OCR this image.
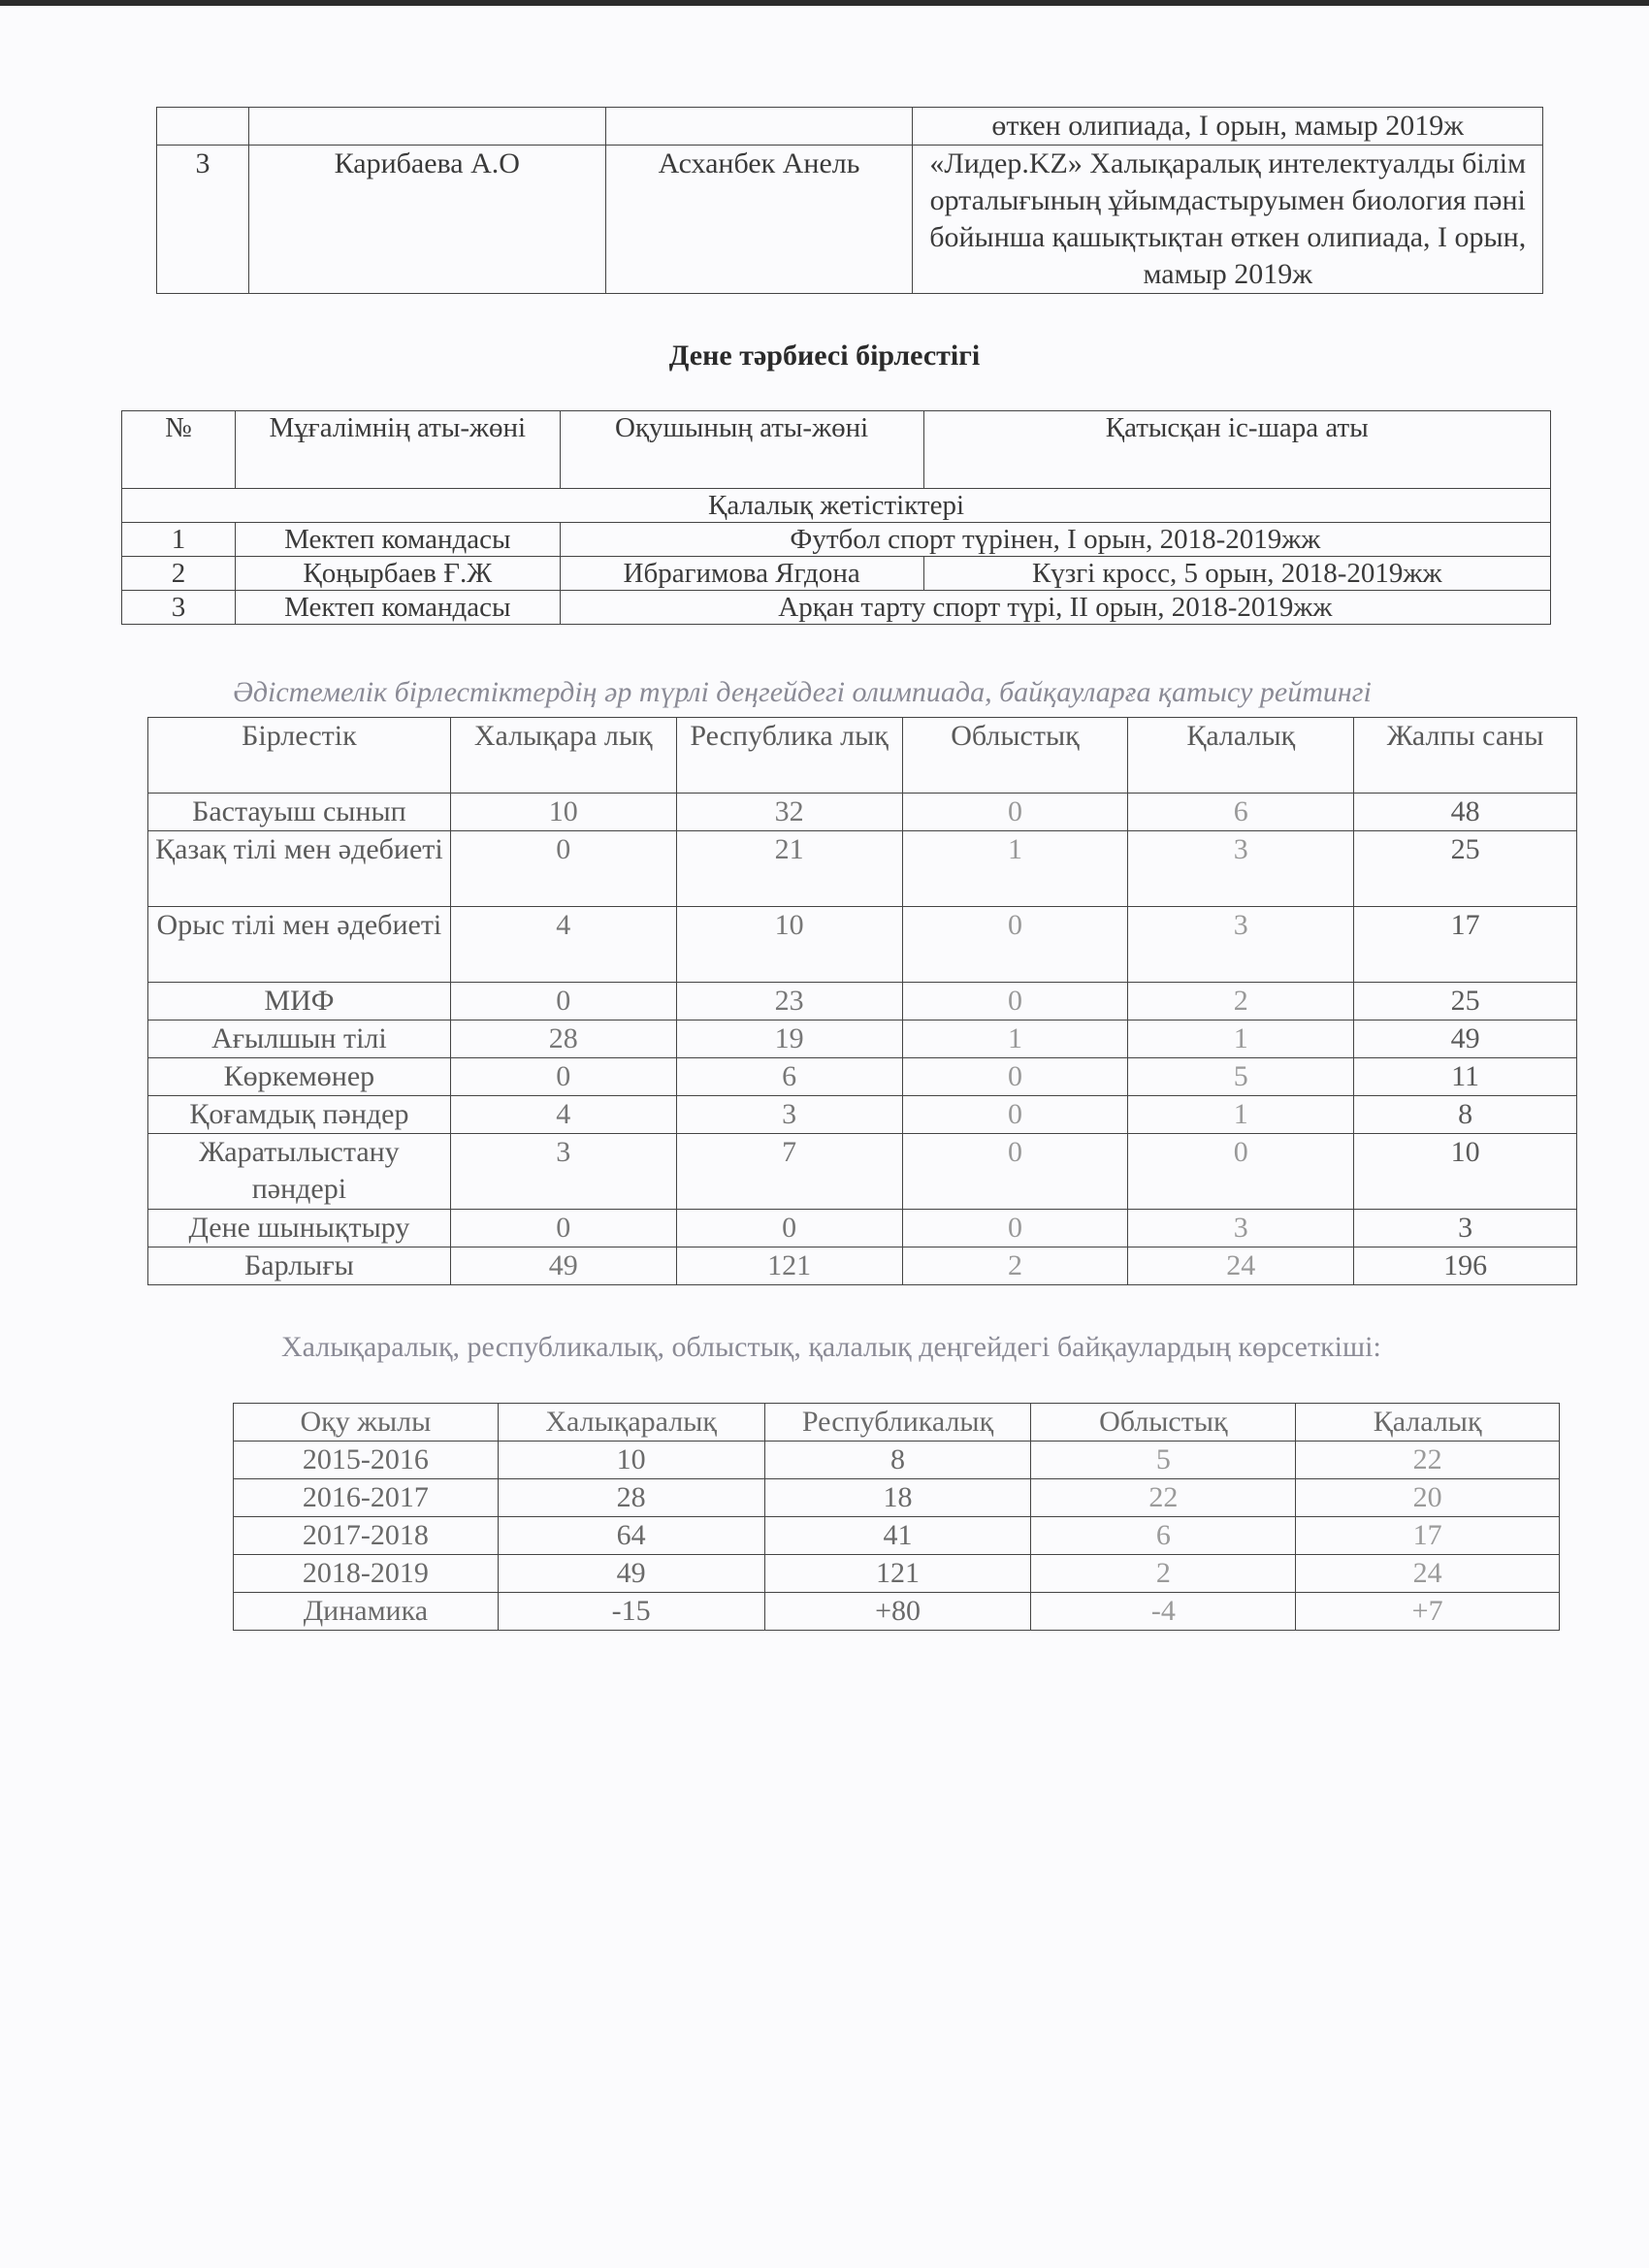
			өткен олипиада, I орын, мамыр 2019ж
3	Карибаева А.О	Асханбек Анель	«Лидер.KZ» Халықаралық интелектуалды білім орталығының ұйымдастыруымен биология пәні бойынша қашықтықтан өткен олипиада, I орын, мамыр 2019ж
Дене тәрбиесі бірлестігі
№	Мұғалімнің аты-жөні	Оқушының аты-жөні	Қатысқан іс-шара аты
Қалалық жетістіктері			
1	Мектеп командасы	Футбол спорт түрінен, I орын, 2018-2019жж	
2	Қоңырбаев Ғ.Ж	Ибрагимова Ягдона	Күзгі кросс, 5 орын, 2018-2019жж
3	Мектеп командасы	Арқан тарту спорт түрі, II орын, 2018-2019жж	
Әдістемелік бірлестіктердің әр түрлі деңгейдегі олимпиада, байқауларға қатысу рейтингі
Бірлестік	Халықара лық	Республика лық	Облыстық	Қалалық	Жалпы саны
Бастауыш сынып	10	32	0	6	48
Қазақ тілі мен әдебиеті	0	21	1	3	25
Орыс тілі мен әдебиеті	4	10	0	3	17
МИФ	0	23	0	2	25
Ағылшын тілі	28	19	1	1	49
Көркемөнер	0	6	0	5	11
Қоғамдық пәндер	4	3	0	1	8
Жаратылыстану пәндері	3	7	0	0	10
Дене шынықтыру	0	0	0	3	3
Барлығы	49	121	2	24	196
Халықаралық, республикалық, облыстық, қалалық деңгейдегі байқаулардың көрсеткіші:
Оқу жылы	Халықаралық	Республикалық	Облыстық	Қалалық
2015-2016	10	8	5	22
2016-2017	28	18	22	20
2017-2018	64	41	6	17
2018-2019	49	121	2	24
Динамика	-15	+80	-4	+7
